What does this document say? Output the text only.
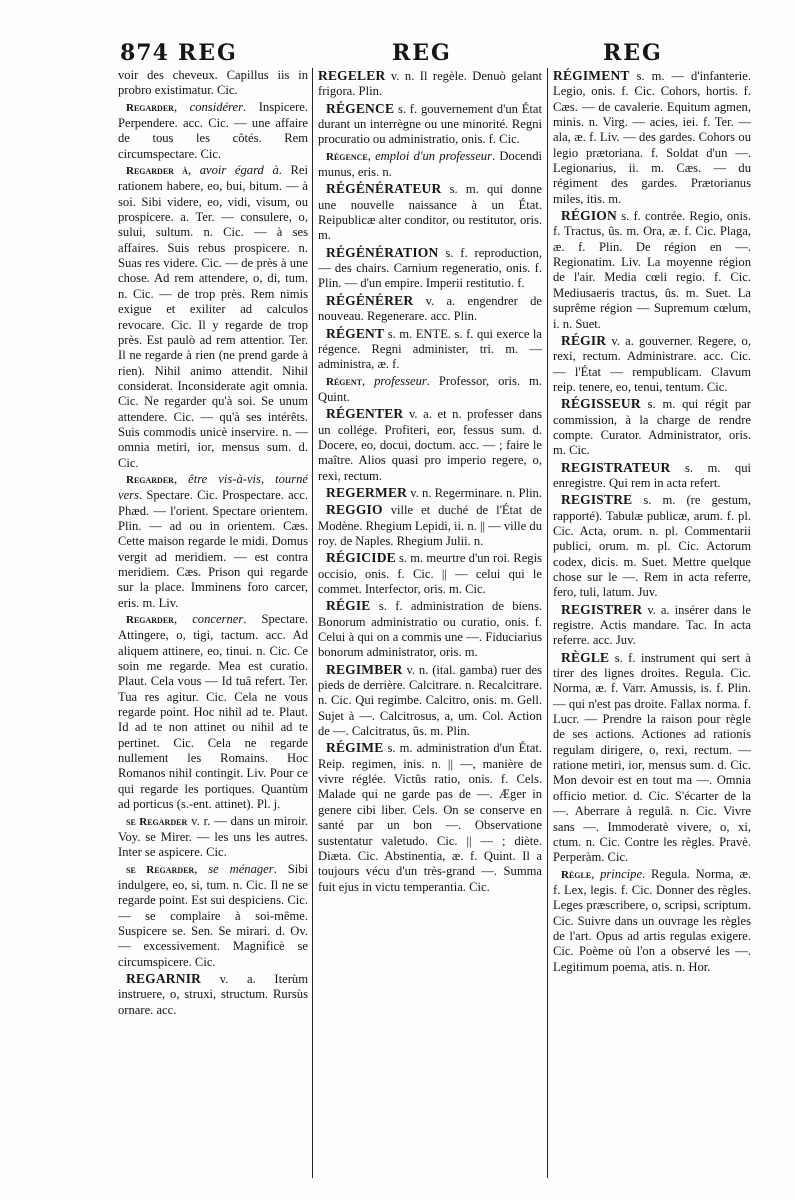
874 REG	REG	REG

voir des cheveux. Capillus iis in probro existimatur. Cic.

Regarder, considérer. Inspicere. Perpendere. acc. Cic. — une affaire de tous les côtés. Rem circumspectare. Cic.

Regarder à, avoir égard à. Rei rationem habere, eo, bui, bitum. — à soi. Sibi videre, eo, vidi, visum, ou prospicere. a. Ter. — consulere, o, sului, sultum. n. Cic. — à ses affaires. Suis rebus prospicere. n. Suas res videre. Cic. — de près à une chose. Ad rem attendere, o, di, tum. n. Cic. — de trop près. Rem nimis exigue et exiliter ad calculos revocare. Cic. Il y regarde de trop près. Est paulò ad rem attentior. Ter. Il ne regarde à rien (ne prend garde à rien). Nihil animo attendit. Nihil considerat. Inconsiderate agit omnia. Cic. Ne regarder qu'à soi. Se unum attendere. Cic. — qu'à ses intérêts. Suis commodis unicè inservire. n. — omnia metiri, ior, mensus sum. d. Cic.

Regarder, être vis-à-vis, tourné vers. Spectare. Cic. Prospectare. acc. Phæd. — l'orient. Spectare orientem. Plin. — ad ou in orientem. Cæs. Cette maison regarde le midi. Domus vergit ad meridiem. — est contra meridiem. Cæs. Prison qui regarde sur la place. Imminens foro carcer, eris. m. Liv.

Regarder, concerner. Spectare. Attingere, o, tigi, tactum. acc. Ad aliquem attinere, eo, tinui. n. Cic. Ce soin me regarde. Mea est curatio. Plaut. Cela vous — Id tuâ refert. Ter. Tua res agitur. Cic. Cela ne vous regarde point. Hoc nihil ad te. Plaut. Id ad te non attinet ou nihil ad te pertinet. Cic. Cela ne regarde nullement les Romains. Hoc Romanos nihil contingit. Liv. Pour ce qui regarde les portiques. Quantùm ad porticus (s.-ent. attinet). Pl. j.

se Regarder v. r. — dans un miroir. Voy. se Mirer. — les uns les autres. Inter se aspicere. Cic.

se Regarder, se ménager. Sibi indulgere, eo, si, tum. n. Cic. Il ne se regarde point. Est sui despiciens. Cic. — se complaire à soi-même. Suspicere se. Sen. Se mirari. d. Ov. — excessivement. Magnificè se circumspicere. Cic.

REGARNIR v. a. Iterùm instruere, o, struxi, structum. Rursùs ornare. acc.

REGELER v. n. Il regèle. Denuò gelant frigora. Plin.

RÉGENCE s. f. gouvernement d'un État durant un interrègne ou une minorité. Regni procuratio ou administratio, onis. f. Cic.

Régence, emploi d'un professeur. Docendi munus, eris. n.

RÉGÉNÉRATEUR s. m. qui donne une nouvelle naissance à un État. Reipublicæ alter conditor, ou restitutor, oris. m.

RÉGÉNÉRATION s. f. reproduction, — des chairs. Carnium regeneratio, onis. f. Plin. — d'un empire. Imperii restitutio. f.

RÉGÉNÉRER v. a. engendrer de nouveau. Regenerare. acc. Plin.

RÉGENT s. m. ENTE. s. f. qui exerce la régence. Regni administer, tri. m. — administra, æ. f.

Régent, professeur. Professor, oris. m. Quint.

RÉGENTER v. a. et n. professer dans un collége. Profiteri, eor, fessus sum. d. Docere, eo, docui, doctum. acc. — ; faire le maître. Alios quasi pro imperio regere, o, rexi, rectum.

REGERMER v. n. Regerminare. n. Plin.

REGGIO ville et duché de l'État de Modène. Rhegium Lepidi, ii. n. || — ville du roy. de Naples. Rhegium Julii. n.

RÉGICIDE s. m. meurtre d'un roi. Regis occisio, onis. f. Cic. || — celui qui le commet. Interfector, oris. m. Cic.

RÉGIE s. f. administration de biens. Bonorum administratio ou curatio, onis. f. Celui à qui on a commis une —. Fiduciarius bonorum administrator, oris. m.

REGIMBER v. n. (ital. gamba) ruer des pieds de derrière. Calcitrare. n. Recalcitrare. n. Cic. Qui regimbe. Calcitro, onis. m. Gell. Sujet à —. Calcitrosus, a, um. Col. Action de —. Calcitratus, ûs. m. Plin.

RÉGIME s. m. administration d'un État. Reip. regimen, inis. n. || —, manière de vivre réglée. Victûs ratio, onis. f. Cels. Malade qui ne garde pas de —. Æger in genere cibi liber. Cels. On se conserve en santé par un bon —. Observatione sustentatur valetudo. Cic. || — ; diète. Diæta. Cic. Abstinentia, æ. f. Quint. Il a toujours vécu d'un très-grand —. Summa fuit ejus in victu temperantia. Cic.

RÉGIMENT s. m. — d'infanterie. Legio, onis. f. Cic. Cohors, hortis. f. Cæs. — de cavalerie. Equitum agmen, minis. n. Virg. — acies, iei. f. Ter. — ala, æ. f. Liv. — des gardes. Cohors ou legio prætoriana. f. Soldat d'un —. Legionarius, ii. m. Cæs. — du régiment des gardes. Prætorianus miles, itis. m.

RÉGION s. f. contrée. Regio, onis. f. Tractus, ûs. m. Ora, æ. f. Cic. Plaga, æ. f. Plin. De région en —. Regionatim. Liv. La moyenne région de l'air. Media cœli regio. f. Cic. Mediusaeris tractus, ûs. m. Suet. La suprême région — Supremum cœlum, i. n. Suet.

RÉGIR v. a. gouverner. Regere, o, rexi, rectum. Administrare. acc. Cic. — l'État — rempublicam. Clavum reip. tenere, eo, tenui, tentum. Cic.

RÉGISSEUR s. m. qui régit par commission, à la charge de rendre compte. Curator. Administrator, oris. m. Cic.

REGISTRATEUR s. m. qui enregistre. Qui rem in acta refert.

REGISTRE s. m. (re gestum, rapporté). Tabulæ publicæ, arum. f. pl. Cic. Acta, orum. n. pl. Commentarii publici, orum. m. pl. Cic. Actorum codex, dicis. m. Suet. Mettre quelque chose sur le —. Rem in acta referre, fero, tuli, latum. Juv.

REGISTRER v. a. insérer dans le registre. Actis mandare. Tac. In acta referre. acc. Juv.

RÈGLE s. f. instrument qui sert à tirer des lignes droites. Regula. Cic. Norma, æ. f. Varr. Amussis, is. f. Plin. — qui n'est pas droite. Fallax norma. f. Lucr. — Prendre la raison pour règle de ses actions. Actiones ad rationis regulam dirigere, o, rexi, rectum. — ratione metiri, ior, mensus sum. d. Cic. Mon devoir est en tout ma —. Omnia officio metior. d. Cic. S'écarter de la —. Aberrare à regulâ. n. Cic. Vivre sans —. Immoderatè vivere, o, xi, ctum. n. Cic. Contre les règles. Pravè. Perperàm. Cic.

Règle, principe. Regula. Norma, æ. f. Lex, legis. f. Cic. Donner des règles. Leges præscribere, o, scripsi, scriptum. Cic. Suivre dans un ouvrage les règles de l'art. Opus ad artis regulas exigere. Cic. Poème où l'on a observé les —. Legitimum poema, atis. n. Hor.
